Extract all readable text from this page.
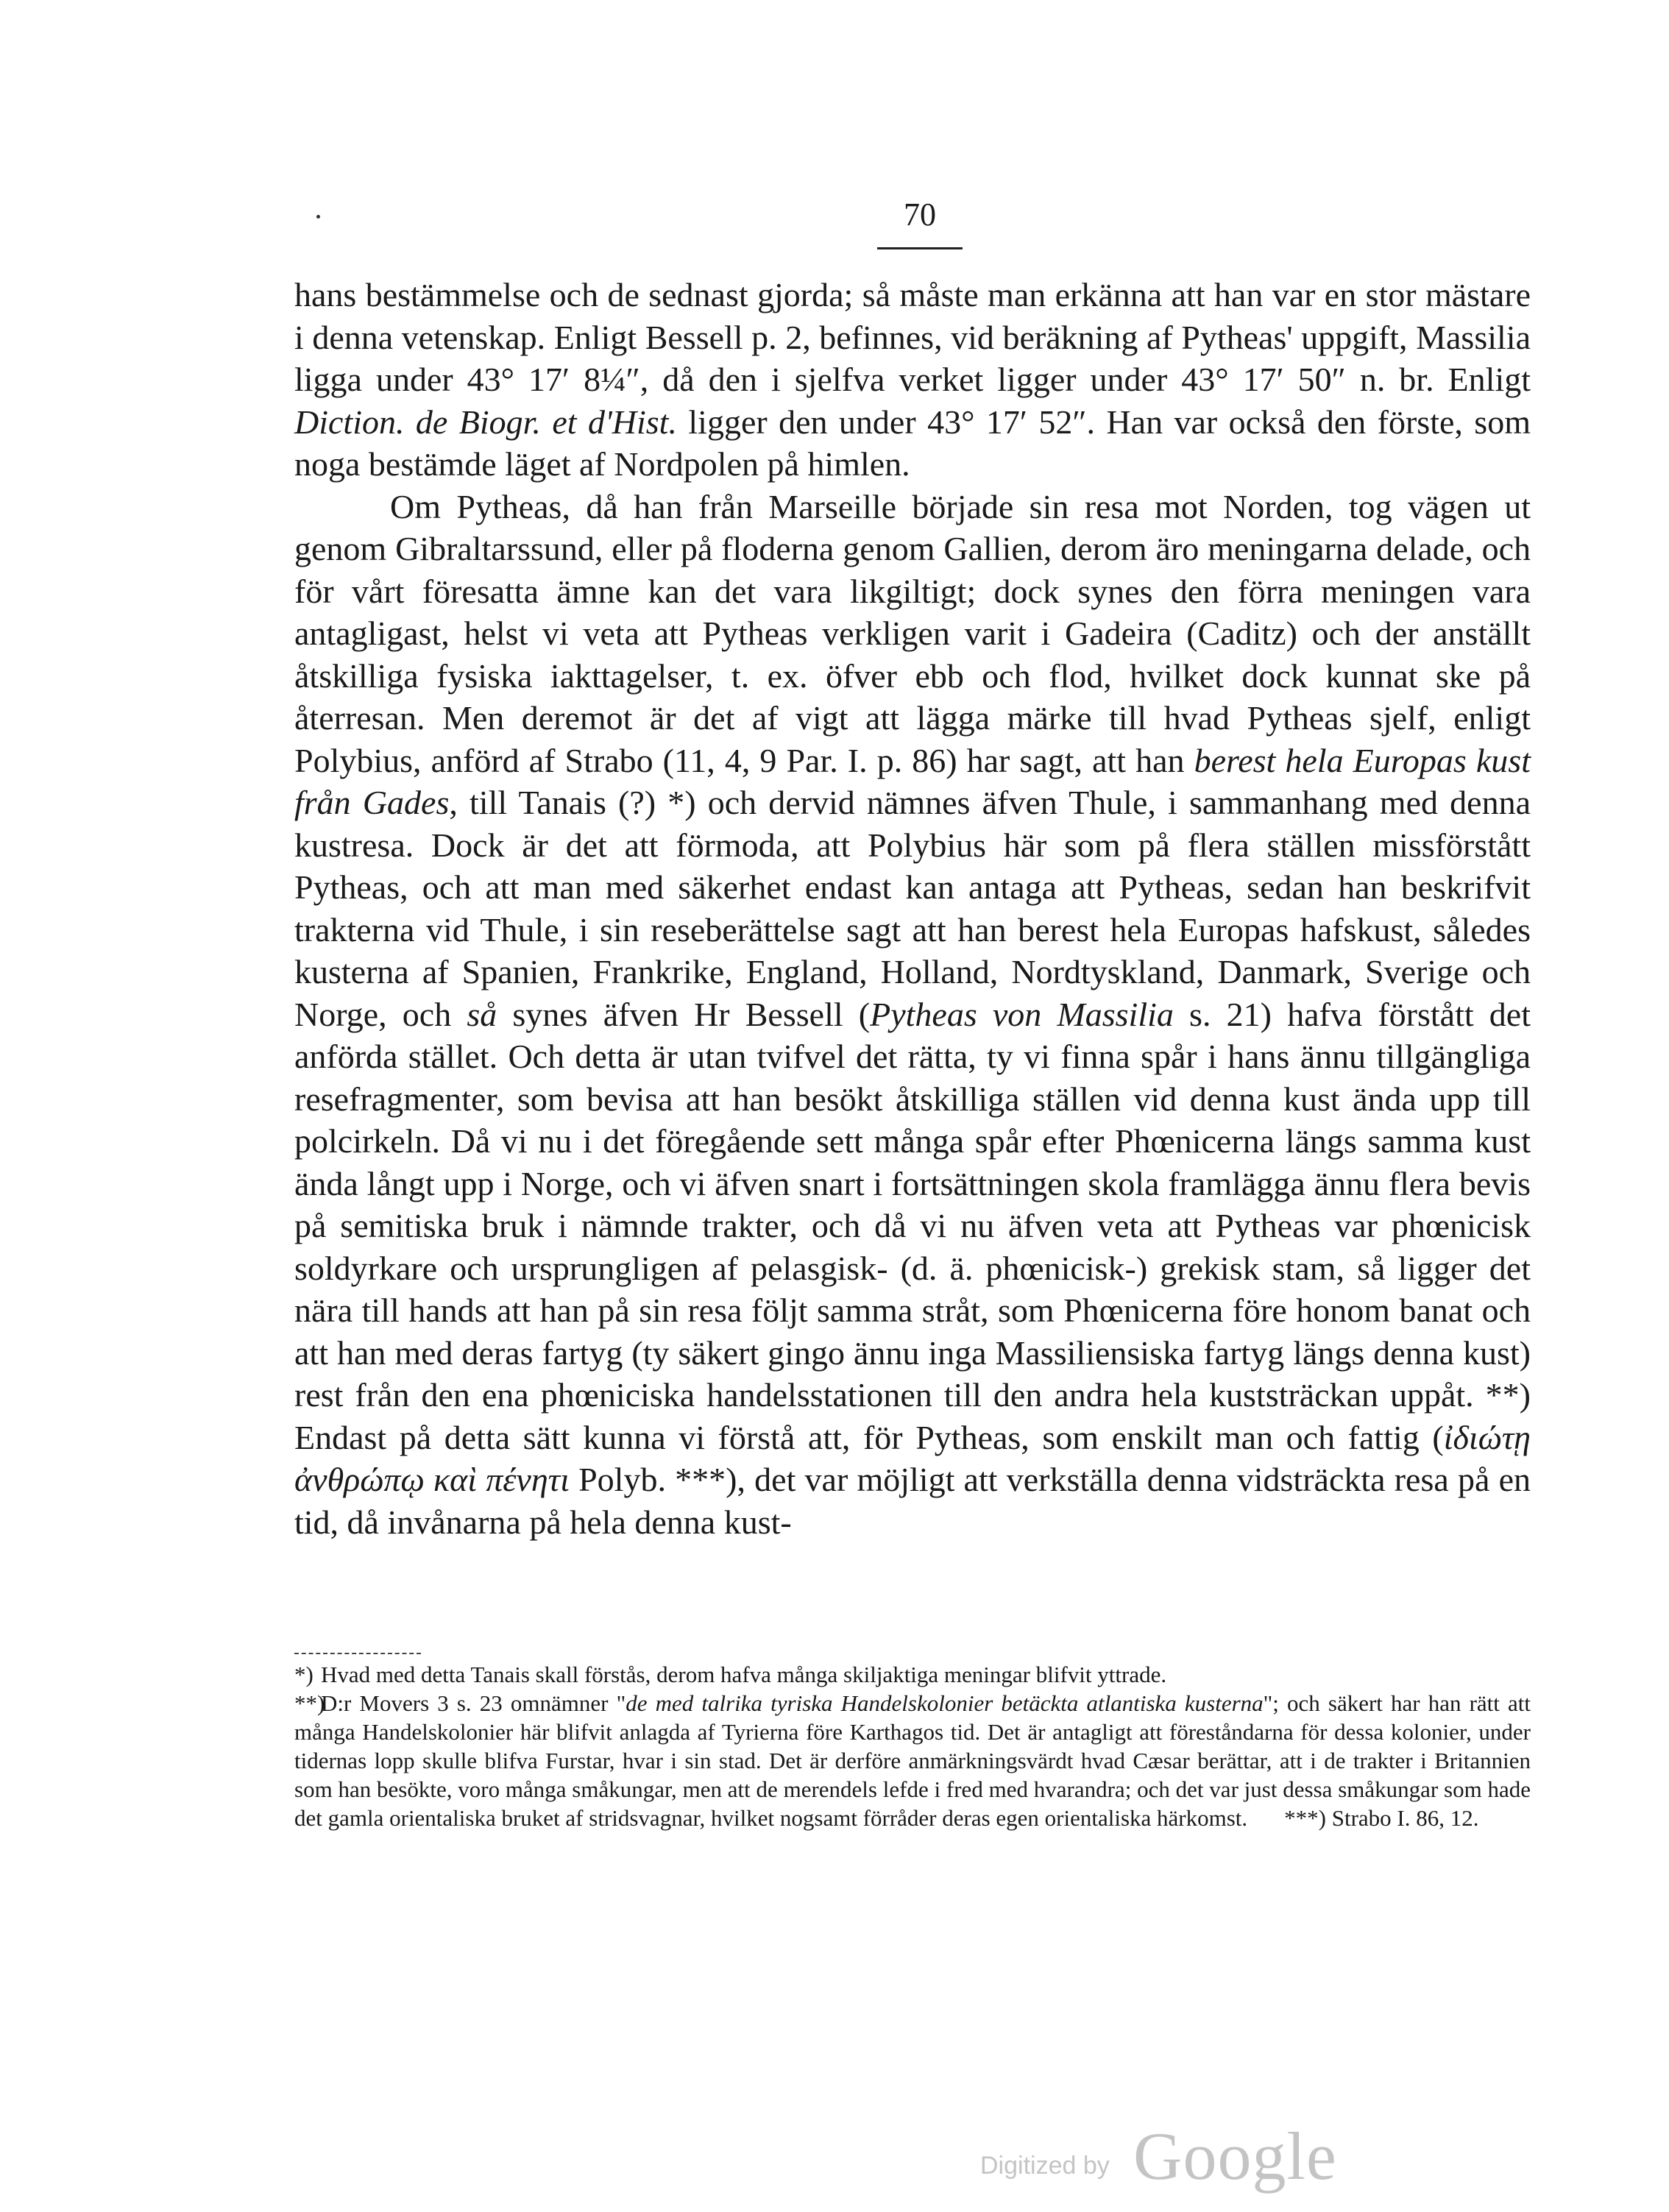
70

hans bestämmelse och de sednast gjorda; så måste man erkänna att han var en stor mästare i denna vetenskap. Enligt Bessell p. 2, befinnes, vid beräkning af Pytheas' uppgift, Massilia ligga under 43° 17′ 8¼″, då den i sjelfva verket ligger under 43° 17′ 50″ n. br. Enligt Diction. de Biogr. et d'Hist. ligger den under 43° 17′ 52″. Han var också den förste, som noga bestämde läget af Nordpolen på himlen.

Om Pytheas, då han från Marseille började sin resa mot Norden, tog vägen ut genom Gibraltarssund, eller på floderna genom Gallien, derom äro meningarna delade, och för vårt föresatta ämne kan det vara likgiltigt; dock synes den förra meningen vara antagligast, helst vi veta att Pytheas verkligen varit i Gadeira (Caditz) och der anställt åtskilliga fysiska iakttagelser, t. ex. öfver ebb och flod, hvilket dock kunnat ske på återresan. Men deremot är det af vigt att lägga märke till hvad Pytheas sjelf, enligt Polybius, anförd af Strabo (11, 4, 9 Par. I. p. 86) har sagt, att han berest hela Europas kust från Gades, till Tanais (?) *) och dervid nämnes äfven Thule, i sammanhang med denna kustresa. Dock är det att förmoda, att Polybius här som på flera ställen missförstått Pytheas, och att man med säkerhet endast kan antaga att Pytheas, sedan han beskrifvit trakterna vid Thule, i sin reseberättelse sagt att han berest hela Europas hafskust, således kusterna af Spanien, Frankrike, England, Holland, Nordtyskland, Danmark, Sverige och Norge, och så synes äfven Hr Bessell (Pytheas von Massilia s. 21) hafva förstått det anförda stället. Och detta är utan tvifvel det rätta, ty vi finna spår i hans ännu tillgängliga resefragmenter, som bevisa att han besökt åtskilliga ställen vid denna kust ända upp till polcirkeln. Då vi nu i det föregående sett många spår efter Phœnicerna längs samma kust ända långt upp i Norge, och vi äfven snart i fortsättningen skola framlägga ännu flera bevis på semitiska bruk i nämnde trakter, och då vi nu äfven veta att Pytheas var phœnicisk soldyrkare och ursprungligen af pelasgisk- (d. ä. phœnicisk-) grekisk stam, så ligger det nära till hands att han på sin resa följt samma stråt, som Phœnicerna före honom banat och att han med deras fartyg (ty säkert gingo ännu inga Massiliensiska fartyg längs denna kust) rest från den ena phœniciska handelsstationen till den andra hela kuststräckan uppåt. **) Endast på detta sätt kunna vi förstå att, för Pytheas, som enskilt man och fattig (ἰδιώτῃ ἀνθρώπῳ καὶ πένητι Polyb. ***), det var möjligt att verkställa denna vidsträckta resa på en tid, då invånarna på hela denna kust-

*) Hvad med detta Tanais skall förstås, derom hafva många skiljaktiga meningar blifvit yttrade.

**)D:r Movers 3 s. 23 omnämner "de med talrika tyriska Handelskolonier betäckta atlantiska kusterna"; och säkert har han rätt att många Handelskolonier här blifvit anlagda af Tyrierna före Karthagos tid. Det är antagligt att föreståndarna för dessa kolonier, under tidernas lopp skulle blifva Furstar, hvar i sin stad. Det är derföre anmärkningsvärdt hvad Cæsar berättar, att i de trakter i Britannien som han besökte, voro många småkungar, men att de merendels lefde i fred med hvarandra; och det var just dessa småkungar som hade det gamla orientaliska bruket af stridsvagnar, hvilket nogsamt förråder deras egen orientaliska härkomst. ***) Strabo I. 86, 12.

Digitized by Google
